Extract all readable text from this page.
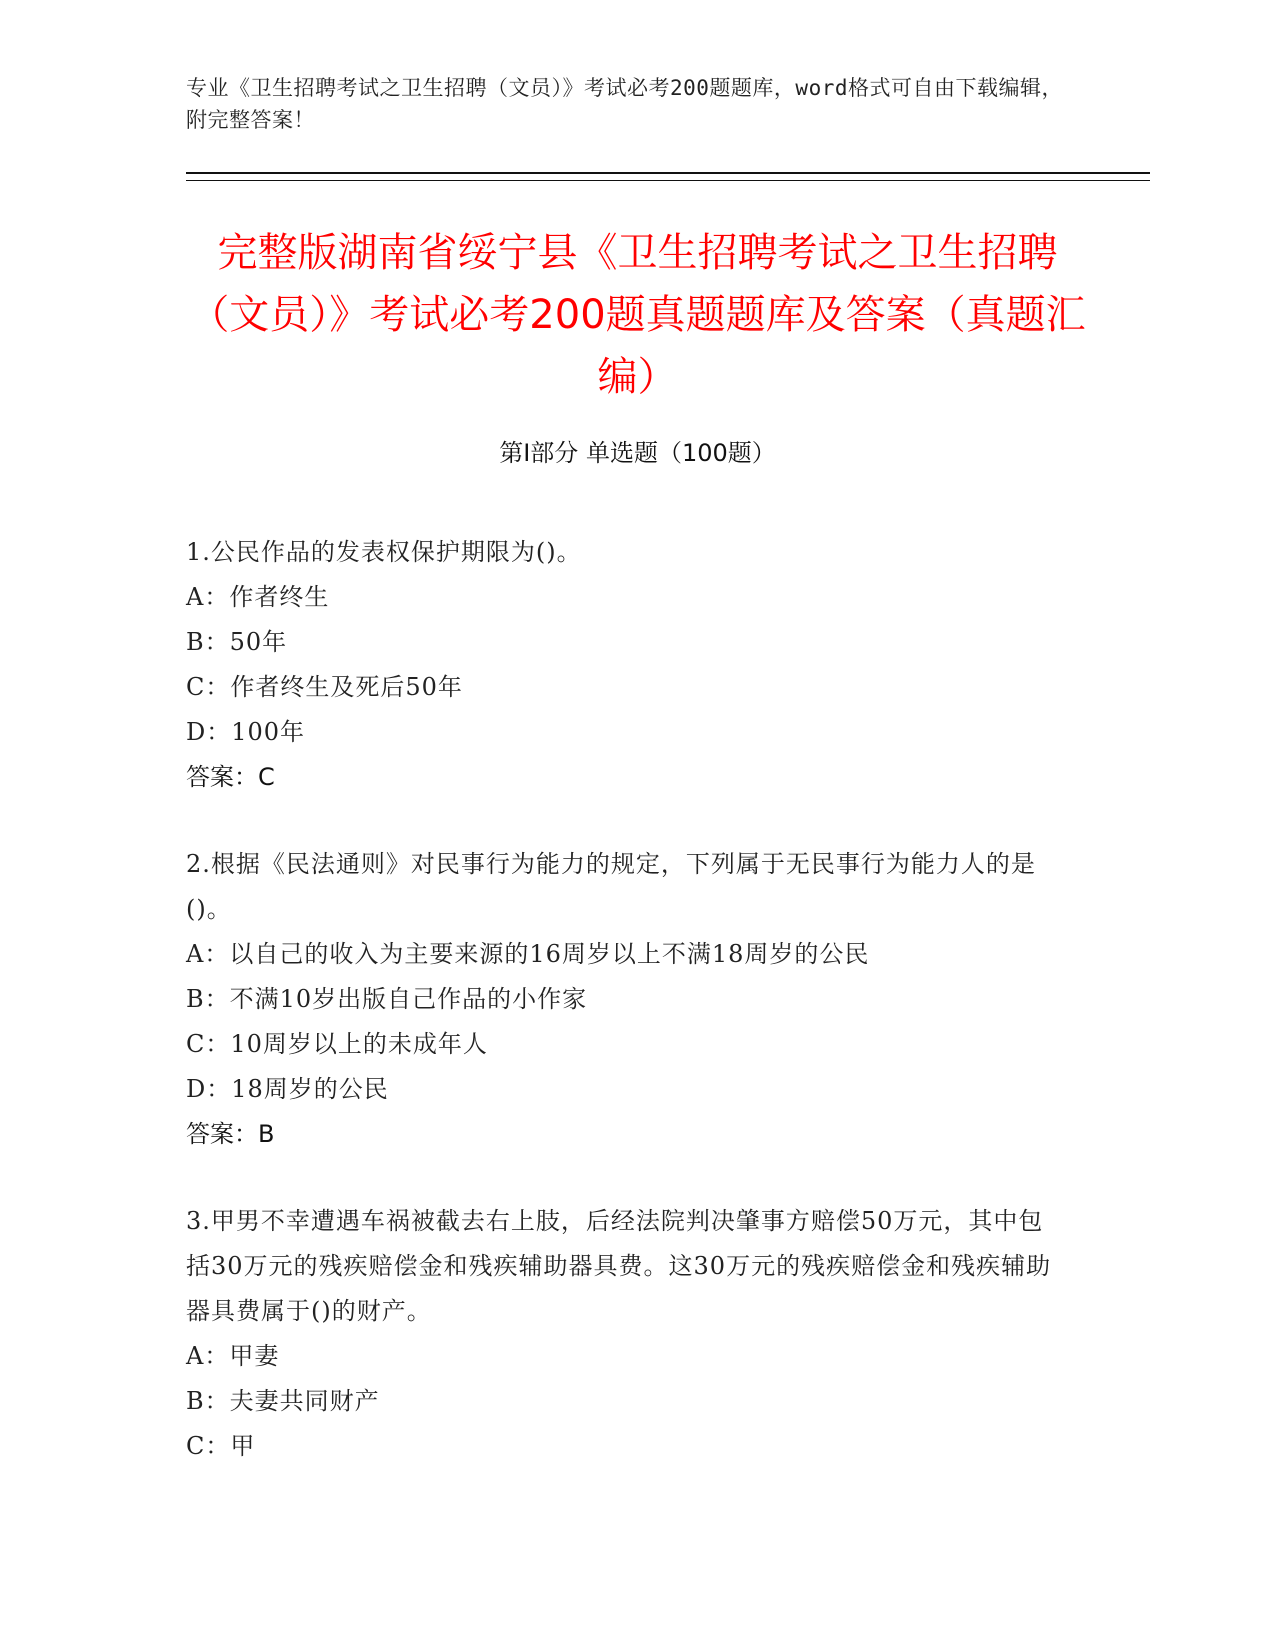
专业《卫生招聘考试之卫生招聘（文员）》考试必考200题题库，word格式可自由下载编辑，附完整答案！
完整版湖南省绥宁县《卫生招聘考试之卫生招聘（文员）》考试必考200题真题题库及答案（真题汇编）
第I部分 单选题（100题）
1.公民作品的发表权保护期限为()。
A：作者终生
B：50年
C：作者终生及死后50年
D：100年
答案：C
2.根据《民法通则》对民事行为能力的规定，下列属于无民事行为能力人的是()。
A：以自己的收入为主要来源的16周岁以上不满18周岁的公民
B：不满10岁出版自己作品的小作家
C：10周岁以上的未成年人
D：18周岁的公民
答案：B
3.甲男不幸遭遇车祸被截去右上肢，后经法院判决肇事方赔偿50万元，其中包括30万元的残疾赔偿金和残疾辅助器具费。这30万元的残疾赔偿金和残疾辅助器具费属于()的财产。
A：甲妻
B：夫妻共同财产
C：甲
